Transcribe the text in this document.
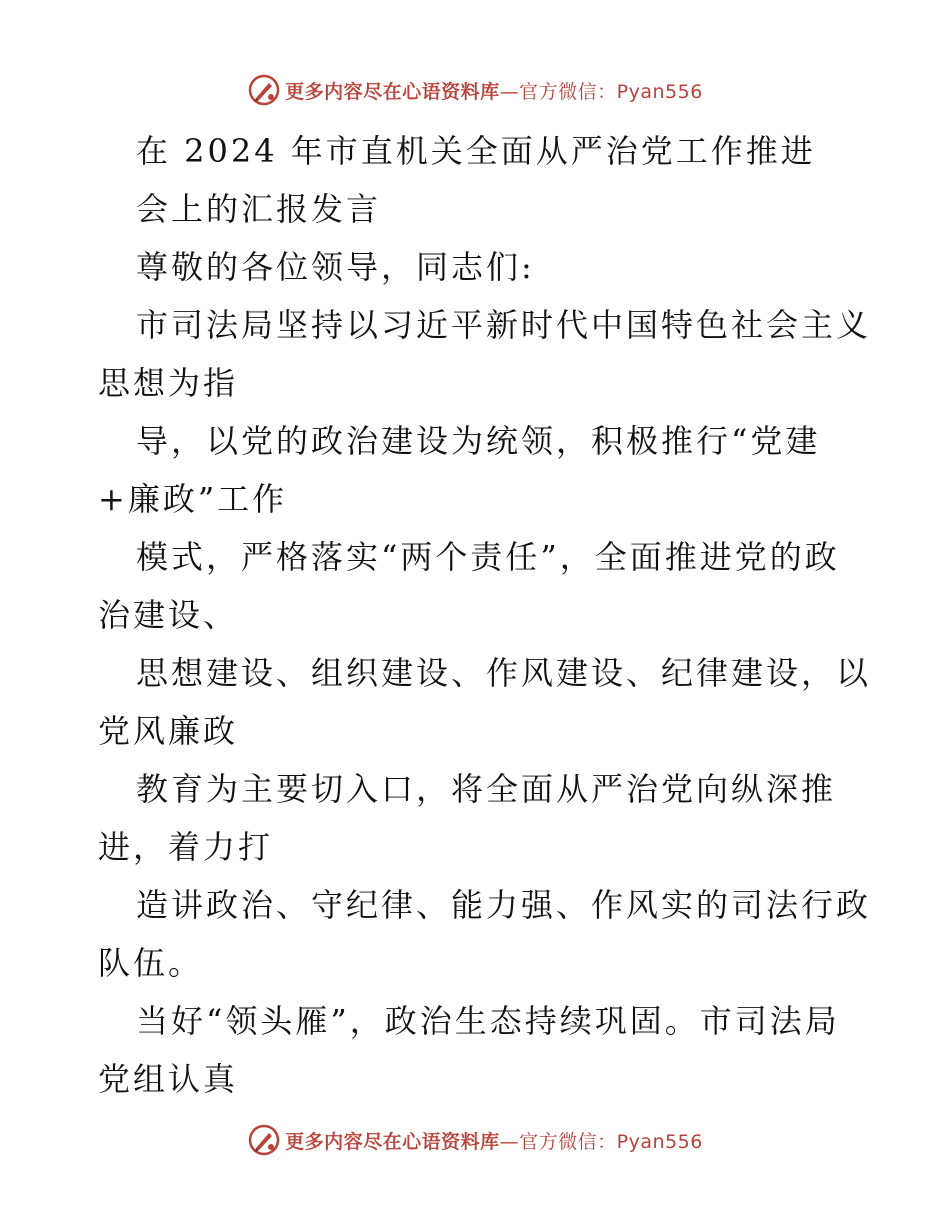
更多内容尽在心语资料库—官方微信：Pyan556
在 2024 年市直机关全面从严治党工作推进
会上的汇报发言
尊敬的各位领导，同志们:
市司法局坚持以习近平新时代中国特色社会主义
思想为指
导，以党的政治建设为统领，积极推行“党建
+廉政”工作
模式，严格落实“两个责任”，全面推进党的政
治建设、
思想建设、组织建设、作风建设、纪律建设，以
党风廉政
教育为主要切入口，将全面从严治党向纵深推
进，着力打
造讲政治、守纪律、能力强、作风实的司法行政
队伍。
当好“领头雁”，政治生态持续巩固。市司法局
党组认真
更多内容尽在心语资料库—官方微信：Pyan556
